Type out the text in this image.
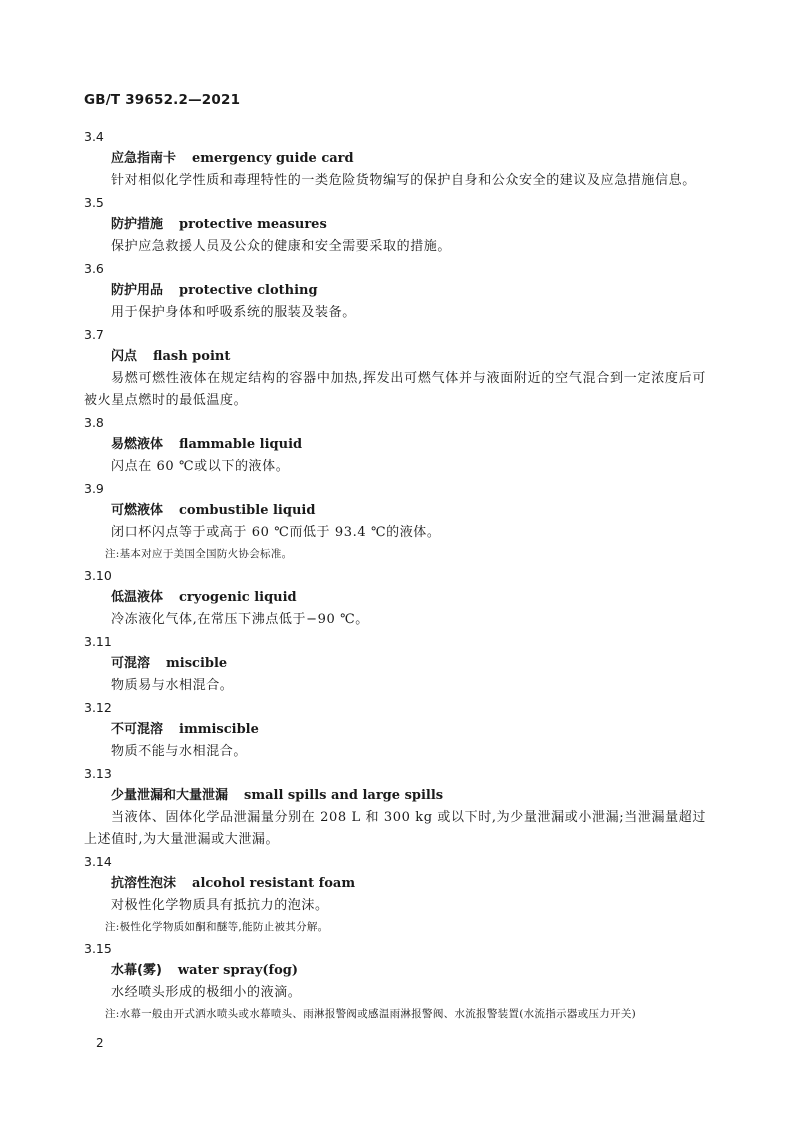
GB/T 39652.2—2021
3.4
应急指南卡 emergency guide card

针对相似化学性质和毒理特性的一类危险货物编写的保护自身和公众安全的建议及应急措施信息。

3.5
防护措施 protective measures

保护应急救援人员及公众的健康和安全需要采取的措施。

3.6
防护用品 protective clothing

用于保护身体和呼吸系统的服装及装备。

3.7
闪点 flash point

易燃可燃性液体在规定结构的容器中加热,挥发出可燃气体并与液面附近的空气混合到一定浓度后可被火星点燃时的最低温度。

3.8
易燃液体 flammable liquid

闪点在 60 ℃或以下的液体。

3.9
可燃液体 combustible liquid

闭口杯闪点等于或高于 60 ℃而低于 93.4 ℃的液体。

注:基本对应于美国全国防火协会标准。

3.10
低温液体 cryogenic liquid

冷冻液化气体,在常压下沸点低于−90 ℃。

3.11
可混溶 miscible

物质易与水相混合。

3.12
不可混溶 immiscible

物质不能与水相混合。

3.13
少量泄漏和大量泄漏 small spills and large spills

当液体、固体化学品泄漏量分别在 208 L 和 300 kg 或以下时,为少量泄漏或小泄漏;当泄漏量超过上述值时,为大量泄漏或大泄漏。

3.14
抗溶性泡沫 alcohol resistant foam

对极性化学物质具有抵抗力的泡沫。

注:极性化学物质如酮和醚等,能防止被其分解。

3.15
水幕(雾) water spray(fog)

水经喷头形成的极细小的液滴。

注:水幕一般由开式洒水喷头或水幕喷头、雨淋报警阀或感温雨淋报警阀、水流报警装置(水流指示器或压力开关)

2
